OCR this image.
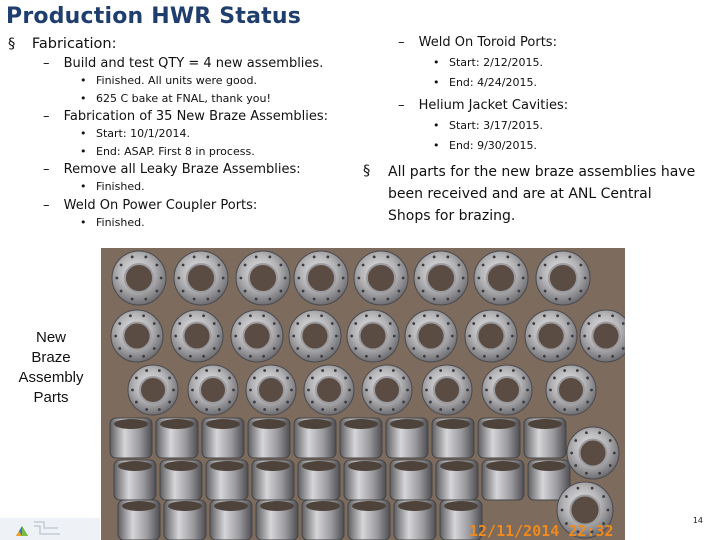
Production HWR Status
§ Fabrication:
– Build and test QTY = 4 new assemblies.
• Finished. All units were good.
• 625 C bake at FNAL, thank you!
– Fabrication of 35 New Braze Assemblies:
• Start: 10/1/2014.
• End: ASAP. First 8 in process.
– Remove all Leaky Braze Assemblies:
• Finished.
– Weld On Power Coupler Ports:
• Finished.
– Weld On Toroid Ports:
• Start: 2/12/2015.
• End: 4/24/2015.
– Helium Jacket Cavities:
• Start: 3/17/2015.
• End: 9/30/2015.
§ All parts for the new braze assemblies have
been received and are at ANL Central
Shops for brazing.
New
Braze
Assembly
Parts
12/11/2014 22:32
14
